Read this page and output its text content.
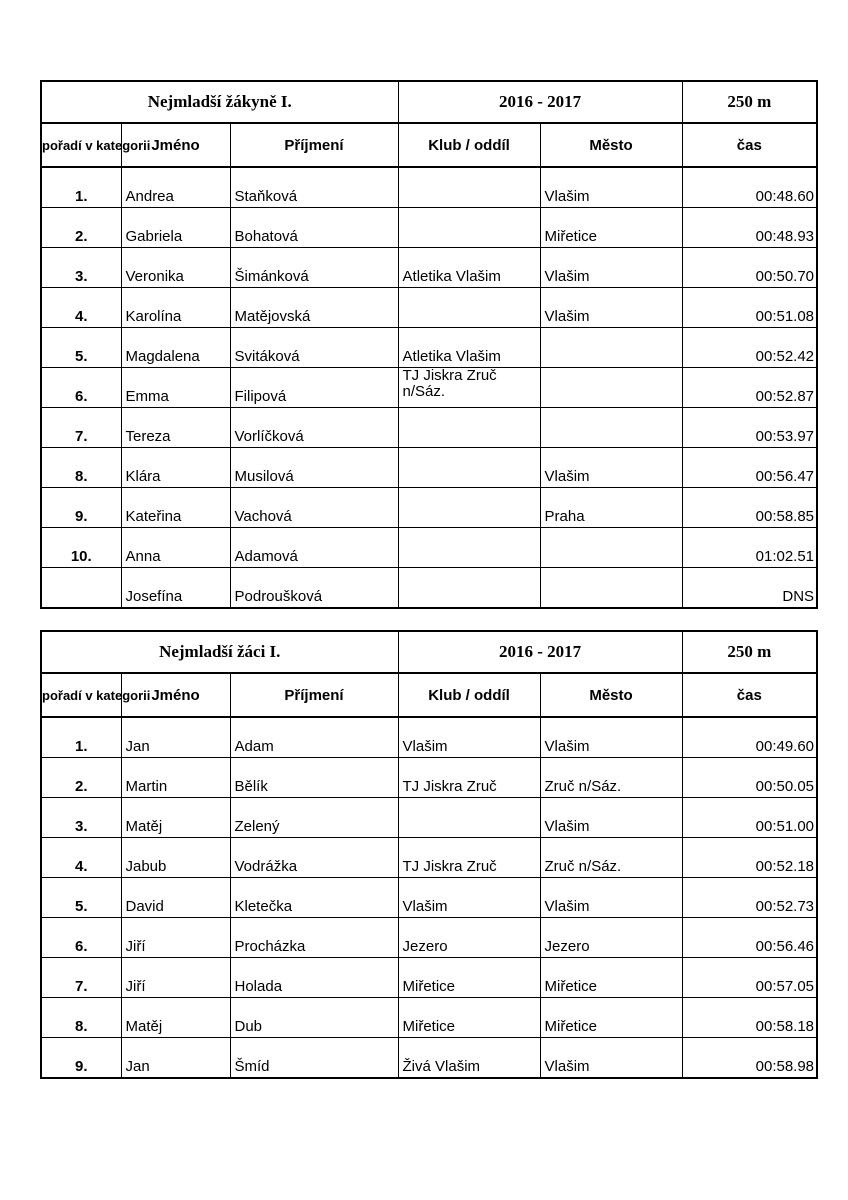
Nejmladší žákyně I.			2016 - 2017		250 m
pořadí v kategorii	Jméno	Příjmení	Klub / oddíl	Město	čas
1.	Andrea	Staňková		Vlašim	00:48.60
2.	Gabriela	Bohatová		Miřetice	00:48.93
3.	Veronika	Šimánková	Atletika Vlašim	Vlašim	00:50.70
4.	Karolína	Matějovská		Vlašim	00:51.08
5.	Magdalena	Svitáková	Atletika Vlašim		00:52.42
6.	Emma	Filipová	TJ Jiskra Zruč n/Sáz.		00:52.87
7.	Tereza	Vorlíčková			00:53.97
8.	Klára	Musilová		Vlašim	00:56.47
9.	Kateřina	Vachová		Praha	00:58.85
10.	Anna	Adamová			01:02.51
	Josefína	Podroušková			DNS
Nejmladší žáci I.			2016 - 2017		250 m
pořadí v kategorii	Jméno	Příjmení	Klub / oddíl	Město	čas
1.	Jan	Adam	Vlašim	Vlašim	00:49.60
2.	Martin	Bělík	TJ Jiskra Zruč	Zruč n/Sáz.	00:50.05
3.	Matěj	Zelený		Vlašim	00:51.00
4.	Jabub	Vodrážka	TJ Jiskra Zruč	Zruč n/Sáz.	00:52.18
5.	David	Kletečka	Vlašim	Vlašim	00:52.73
6.	Jiří	Procházka	Jezero	Jezero	00:56.46
7.	Jiří	Holada	Miřetice	Miřetice	00:57.05
8.	Matěj	Dub	Miřetice	Miřetice	00:58.18
9.	Jan	Šmíd	Živá Vlašim	Vlašim	00:58.98
